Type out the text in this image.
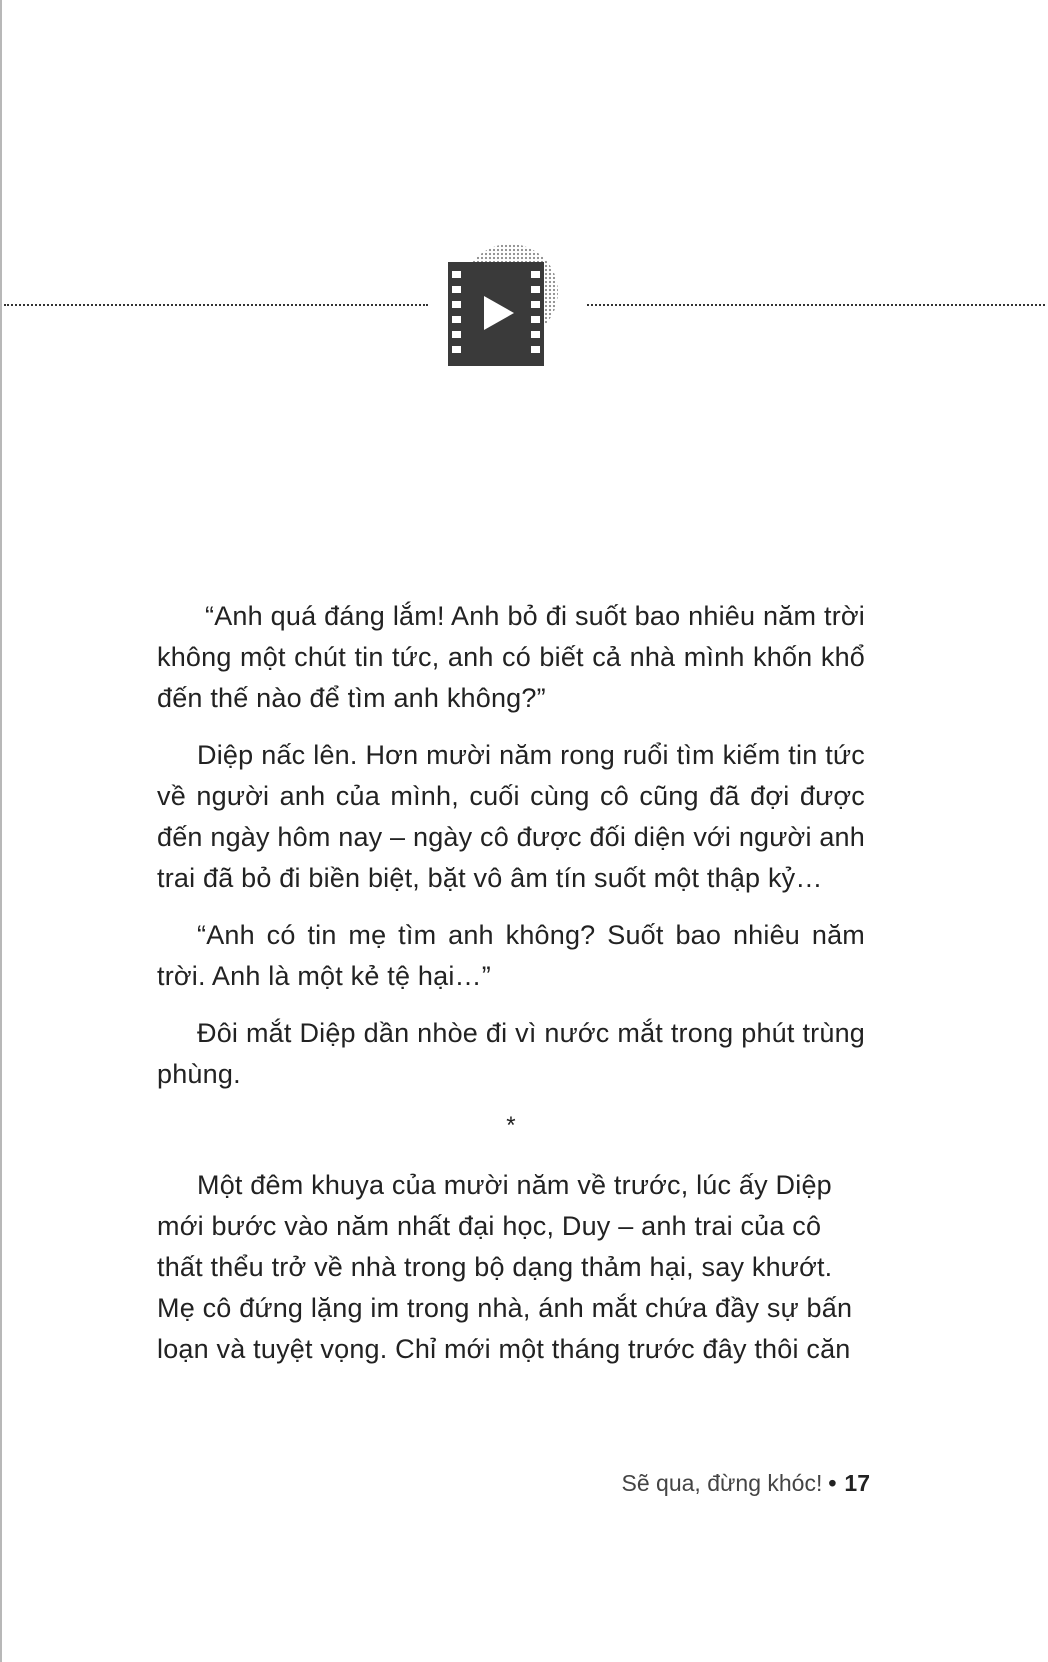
“Anh quá đáng lắm! Anh bỏ đi suốt bao nhiêu năm trời không một chút tin tức, anh có biết cả nhà mình khốn khổ đến thế nào để tìm anh không?”

Diệp nấc lên. Hơn mười năm rong ruổi tìm kiếm tin tức về người anh của mình, cuối cùng cô cũng đã đợi được đến ngày hôm nay – ngày cô được đối diện với người anh trai đã bỏ đi biền biệt, bặt vô âm tín suốt một thập kỷ…

“Anh có tin mẹ tìm anh không? Suốt bao nhiêu năm trời. Anh là một kẻ tệ hại…”

Đôi mắt Diệp dần nhòe đi vì nước mắt trong phút trùng phùng.

*

Một đêm khuya của mười năm về trước, lúc ấy Diệp mới bước vào năm nhất đại học, Duy – anh trai của cô thất thểu trở về nhà trong bộ dạng thảm hại, say khướt. Mẹ cô đứng lặng im trong nhà, ánh mắt chứa đầy sự bấn loạn và tuyệt vọng. Chỉ mới một tháng trước đây thôi căn

Sẽ qua, đừng khóc! • 17
